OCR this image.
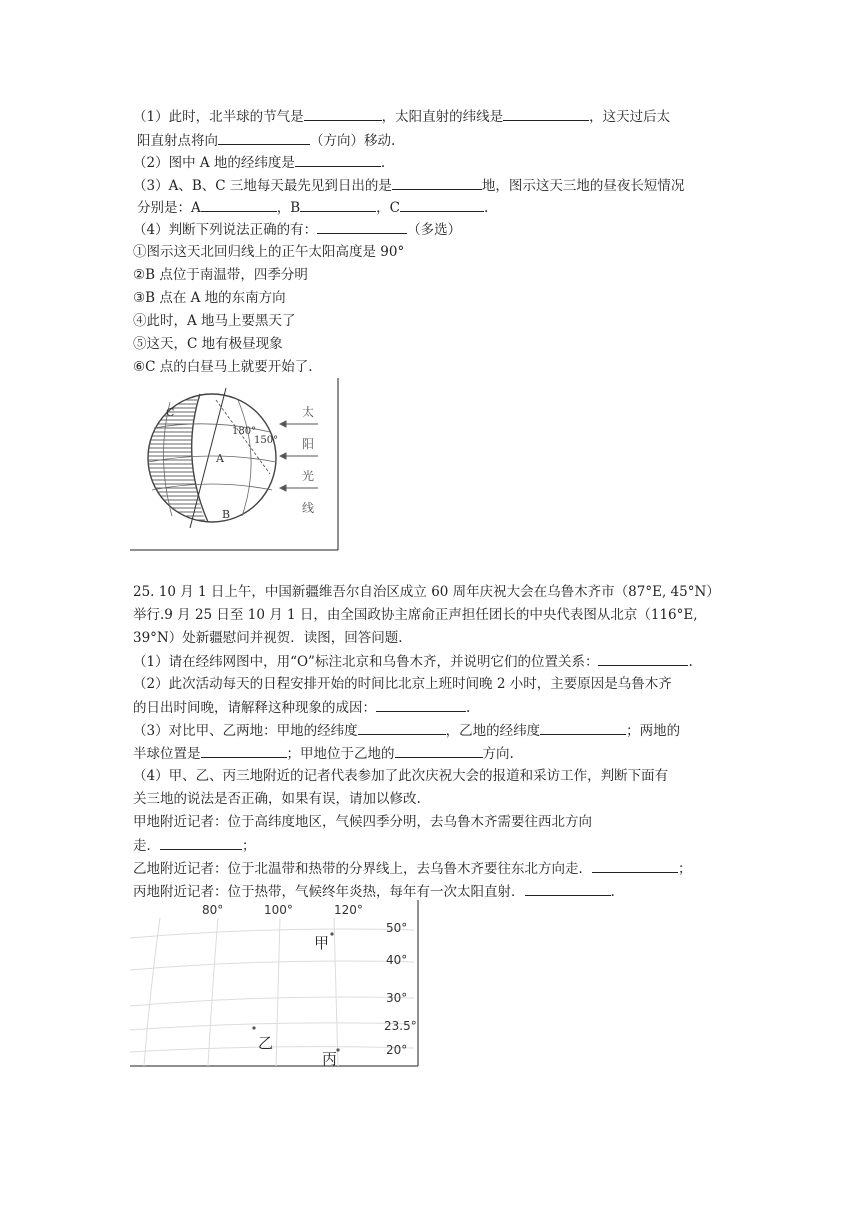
（1）此时，北半球的节气是	，太阳直射的纬线是	，这天过后太
阳直射点将向	（方向）移动.
（2）图中 A 地的经纬度是	.
（3）A、B、C 三地每天最先见到日出的是	地，图示这天三地的昼夜长短情况
分别是：A	，B	，C	.
（4）判断下列说法正确的有：	（多选）
①图示这天北回归线上的正午太阳高度是 90°
②B 点位于南温带，四季分明
③B 点在 A 地的东南方向
④此时，A 地马上要黑天了
⑤这天，C 地有极昼现象
⑥C 点的白昼马上就要开始了.
C
180°
150°
A
B
太
阳
光
线
25. 10 月 1 日上午，中国新疆维吾尔自治区成立 60 周年庆祝大会在乌鲁木齐市（87°E, 45°N）
举行.9 月 25 日至 10 月 1 日，由全国政协主席俞正声担任团长的中央代表图从北京（116°E,
39°N）处新疆慰问并视贺．读图，回答问题.
（1）请在经纬网图中，用“O”标注北京和乌鲁木齐，并说明它们的位置关系：	.
（2）此次活动每天的日程安排开始的时间比北京上班时间晚 2 小时，主要原因是乌鲁木齐
的日出时间晚，请解释这种现象的成因：	.
（3）对比甲、乙两地：甲地的经纬度	，乙地的经纬度	；两地的
半球位置是	；甲地位于乙地的	方向.
（4）甲、乙、丙三地附近的记者代表参加了此次庆祝大会的报道和采访工作，判断下面有
关三地的说法是否正确，如果有误，请加以修改.
甲地附近记者：位于高纬度地区，气候四季分明，去乌鲁木齐需要往西北方向
走．	；
乙地附近记者：位于北温带和热带的分界线上，去乌鲁木齐要往东北方向走．	；
丙地附近记者：位于热带，气候终年炎热，每年有一次太阳直射．	.
80°	100°	120°
50°
40°
30°
23.5°
20°
甲
乙
丙
